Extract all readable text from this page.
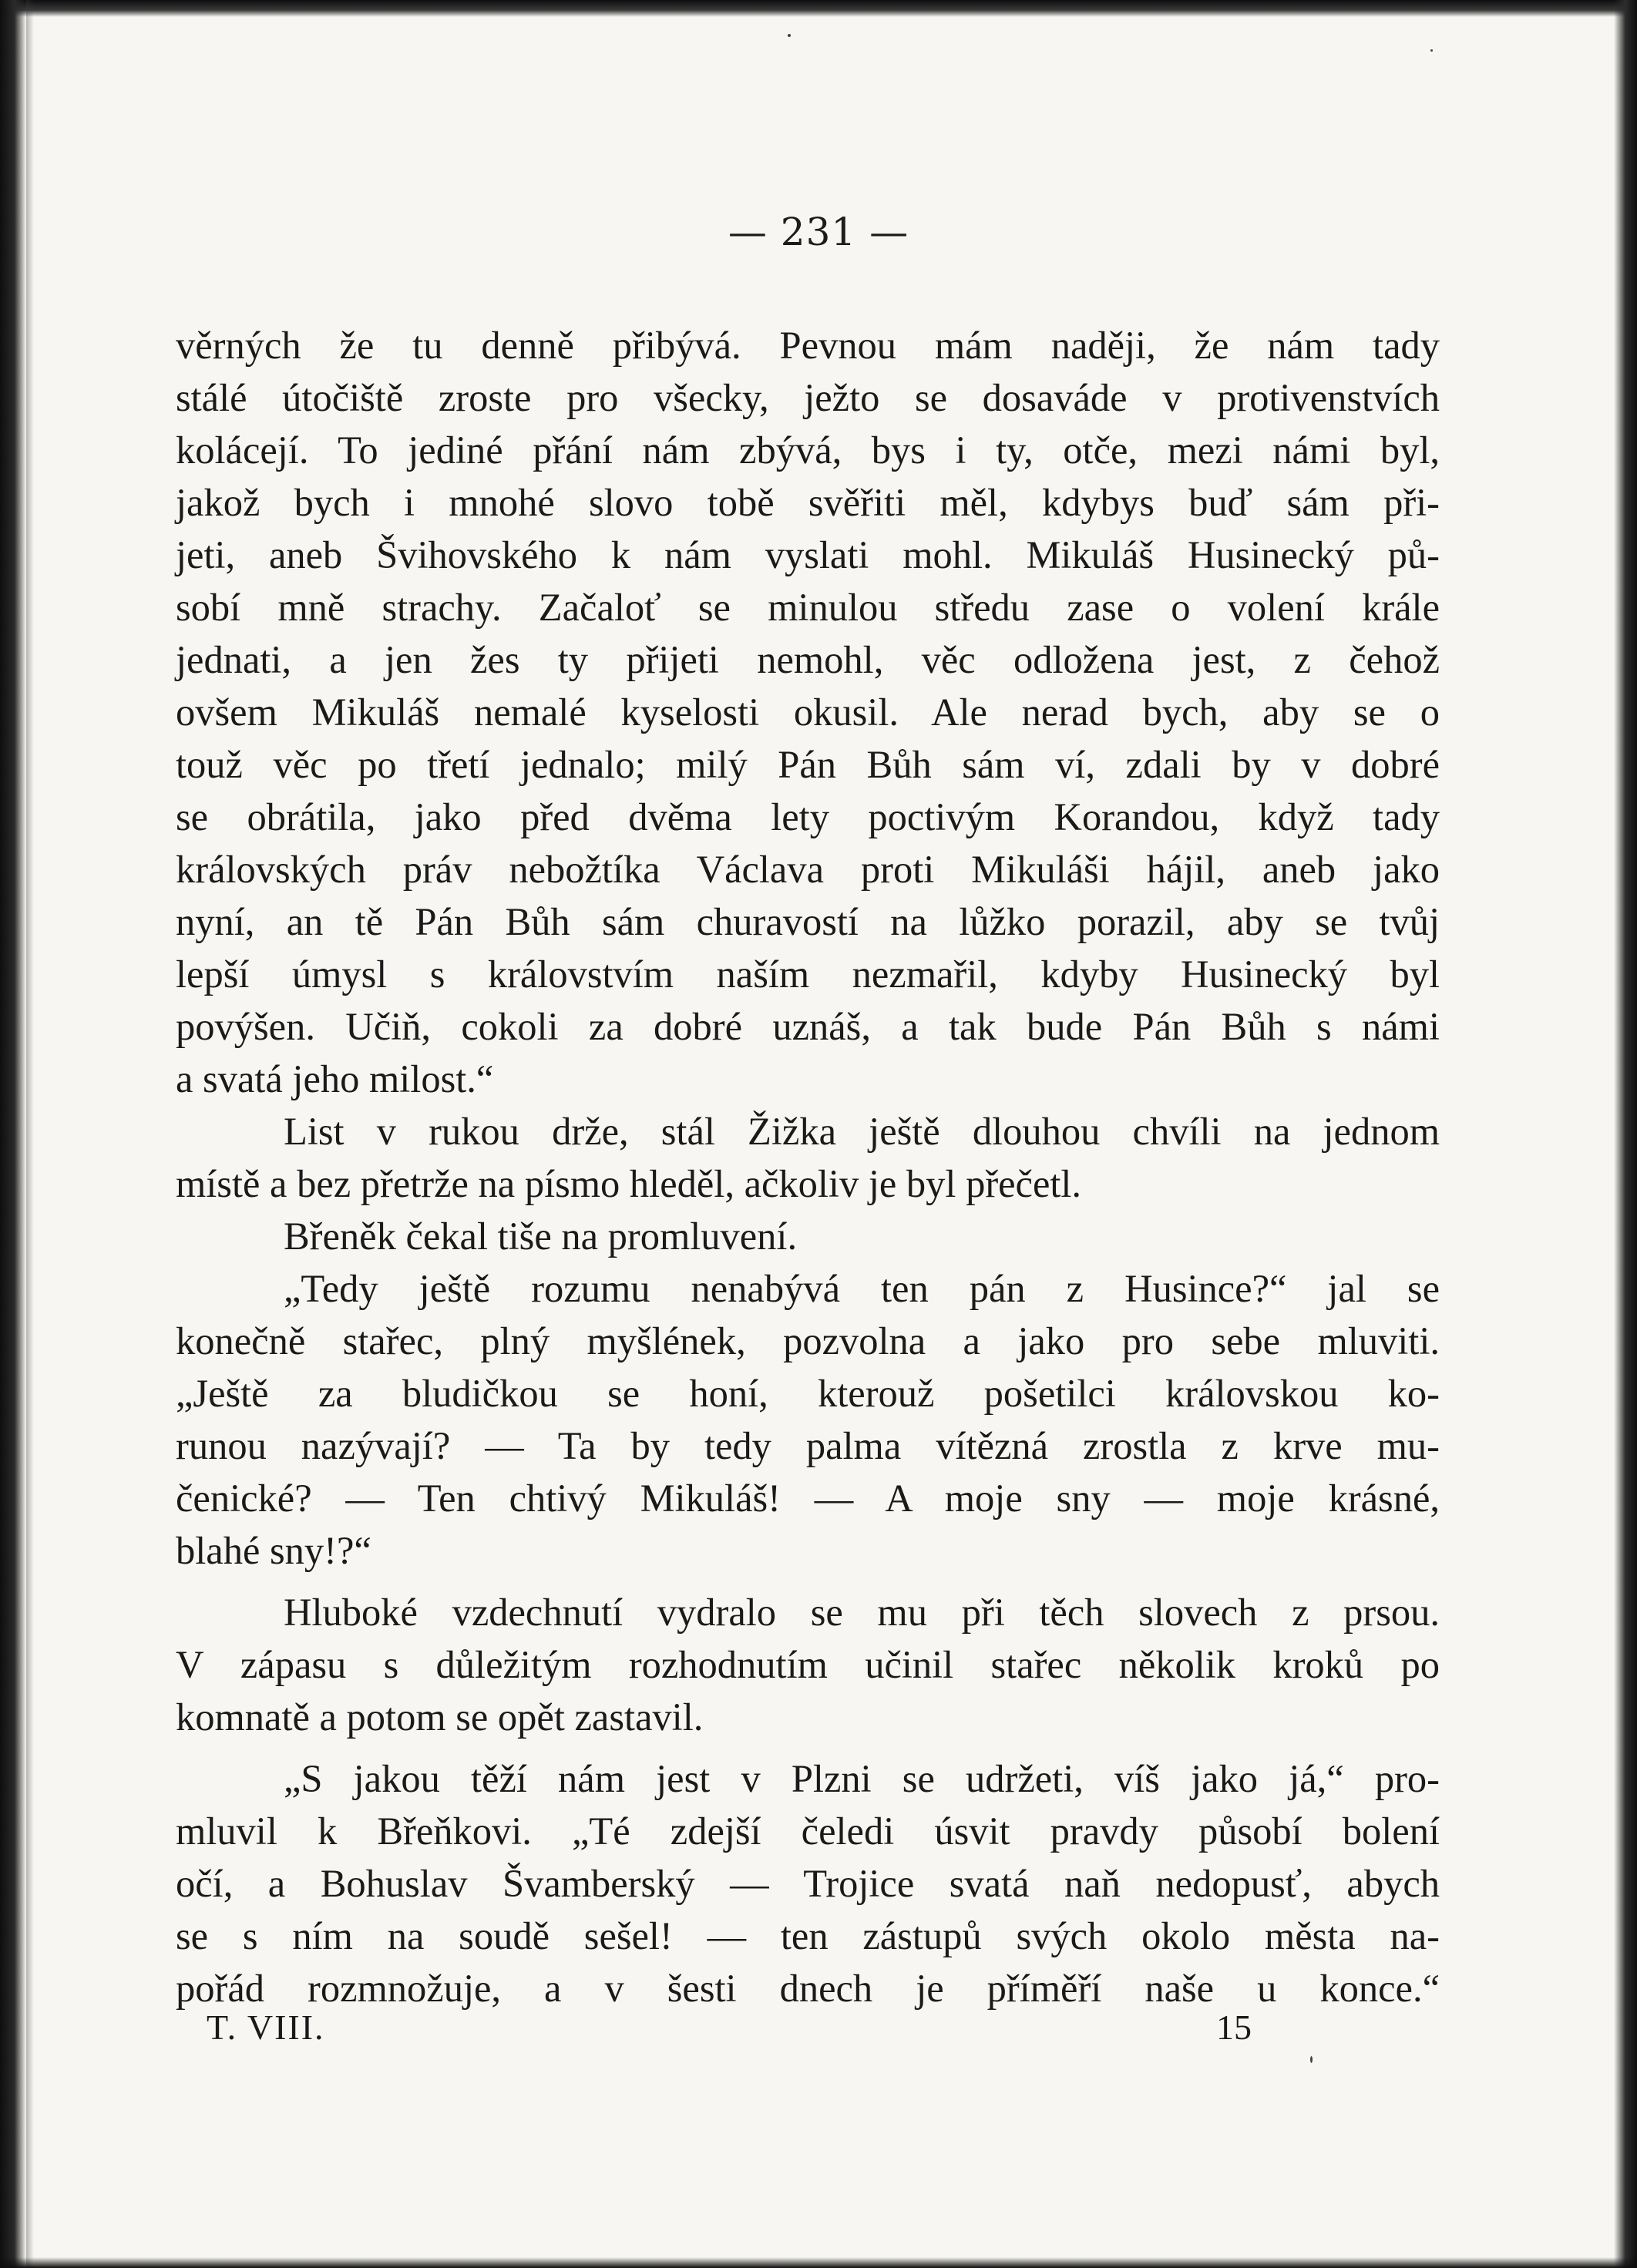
— 231 —
věrných že tu denně přibývá. Pevnou mám naději, že nám tady
stálé útočiště zroste pro všecky, ježto se dosaváde v protivenstvích
kolácejí. To jediné přání nám zbývá, bys i ty, otče, mezi námi byl,
jakož bych i mnohé slovo tobě svěřiti měl, kdybys buď sám při-
jeti, aneb Švihovského k nám vyslati mohl. Mikuláš Husinecký pů-
sobí mně strachy. Začaloť se minulou středu zase o volení krále
jednati, a jen žes ty přijeti nemohl, věc odložena jest, z čehož
ovšem Mikuláš nemalé kyselosti okusil. Ale nerad bych, aby se o
touž věc po třetí jednalo; milý Pán Bůh sám ví, zdali by v dobré
se obrátila, jako před dvěma lety poctivým Korandou, když tady
královských práv nebožtíka Václava proti Mikuláši hájil, aneb jako
nyní, an tě Pán Bůh sám churavostí na lůžko porazil, aby se tvůj
lepší úmysl s královstvím naším nezmařil, kdyby Husinecký byl
povýšen. Učiň, cokoli za dobré uznáš, a tak bude Pán Bůh s námi
a svatá jeho milost.“
List v rukou drže, stál Žižka ještě dlouhou chvíli na jednom
místě a bez přetrže na písmo hleděl, ačkoliv je byl přečetl.
Břeněk čekal tiše na promluvení.
„Tedy ještě rozumu nenabývá ten pán z Husince?“ jal se
konečně stařec, plný myšlének, pozvolna a jako pro sebe mluviti.
„Ještě za bludičkou se honí, kterouž pošetilci královskou ko-
runou nazývají? — Ta by tedy palma vítězná zrostla z krve mu-
čenické? — Ten chtivý Mikuláš! — A moje sny — moje krásné,
blahé sny!?“
Hluboké vzdechnutí vydralo se mu při těch slovech z prsou.
V zápasu s důležitým rozhodnutím učinil stařec několik kroků po
komnatě a potom se opět zastavil.
„S jakou těží nám jest v Plzni se udržeti, víš jako já,“ pro-
mluvil k Břeňkovi. „Té zdejší čeledi úsvit pravdy působí bolení
očí, a Bohuslav Švamberský — Trojice svatá naň nedopusť, abych
se s ním na soudě sešel! — ten zástupů svých okolo města na-
pořád rozmnožuje, a v šesti dnech je příměří naše u konce.“
T. VIII.	15
